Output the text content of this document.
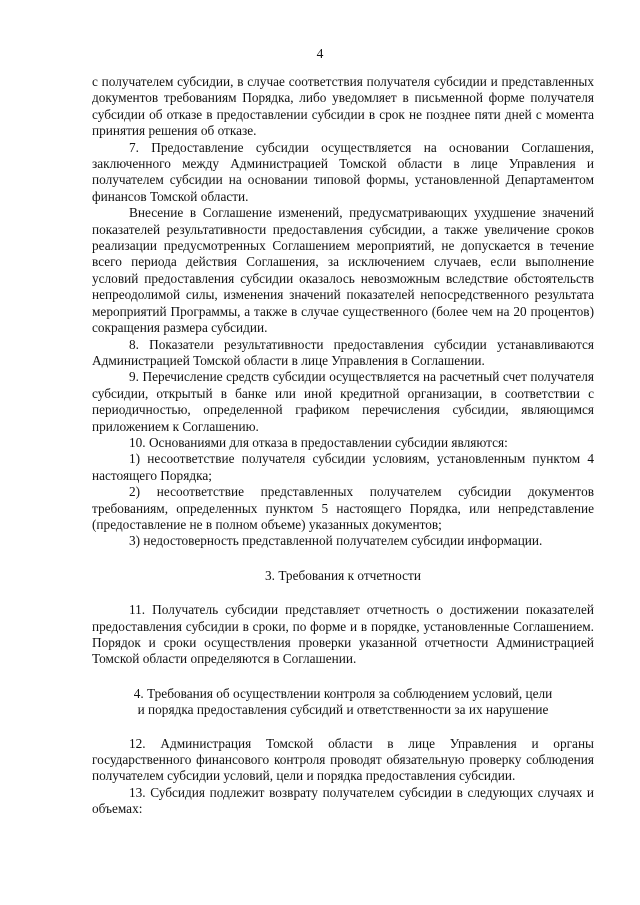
4

с получателем субсидии, в случае соответствия получателя субсидии и представленных документов требованиям Порядка, либо уведомляет в письменной форме получателя субсидии об отказе в предоставлении субсидии в срок не позднее пяти дней с момента принятия решения об отказе.

7. Предоставление субсидии осуществляется на основании Соглашения, заключенного между Администрацией Томской области в лице Управления и получателем субсидии на основании типовой формы, установленной Департаментом финансов Томской области.

Внесение в Соглашение изменений, предусматривающих ухудшение значений показателей результативности предоставления субсидии, а также увеличение сроков реализации предусмотренных Соглашением мероприятий, не допускается в течение всего периода действия Соглашения, за исключением случаев, если выполнение условий предоставления субсидии оказалось невозможным вследствие обстоятельств непреодолимой силы, изменения значений показателей непосредственного результата мероприятий Программы, а также в случае существенного (более чем на 20 процентов) сокращения размера субсидии.

8. Показатели результативности предоставления субсидии устанавливаются Администрацией Томской области в лице Управления в Соглашении.

9. Перечисление средств субсидии осуществляется на расчетный счет получателя субсидии, открытый в банке или иной кредитной организации, в соответствии с периодичностью, определенной графиком перечисления субсидии, являющимся приложением к Соглашению.

10. Основаниями для отказа в предоставлении субсидии являются:

1) несоответствие получателя субсидии условиям, установленным пунктом 4 настоящего Порядка;

2) несоответствие представленных получателем субсидии документов требованиям, определенных пунктом 5 настоящего Порядка, или непредставление (предоставление не в полном объеме) указанных документов;

3) недостоверность представленной получателем субсидии информации.

3. Требования к отчетности

11. Получатель субсидии представляет отчетность о достижении показателей предоставления субсидии в сроки, по форме и в порядке, установленные Соглашением. Порядок и сроки осуществления проверки указанной отчетности Администрацией Томской области определяются в Соглашении.

4. Требования об осуществлении контроля за соблюдением условий, цели
и порядка предоставления субсидий и ответственности за их нарушение

12. Администрация Томской области в лице Управления и органы государственного финансового контроля проводят обязательную проверку соблюдения получателем субсидии условий, цели и порядка предоставления субсидии.

13. Субсидия подлежит возврату получателем субсидии в следующих случаях и объемах:
